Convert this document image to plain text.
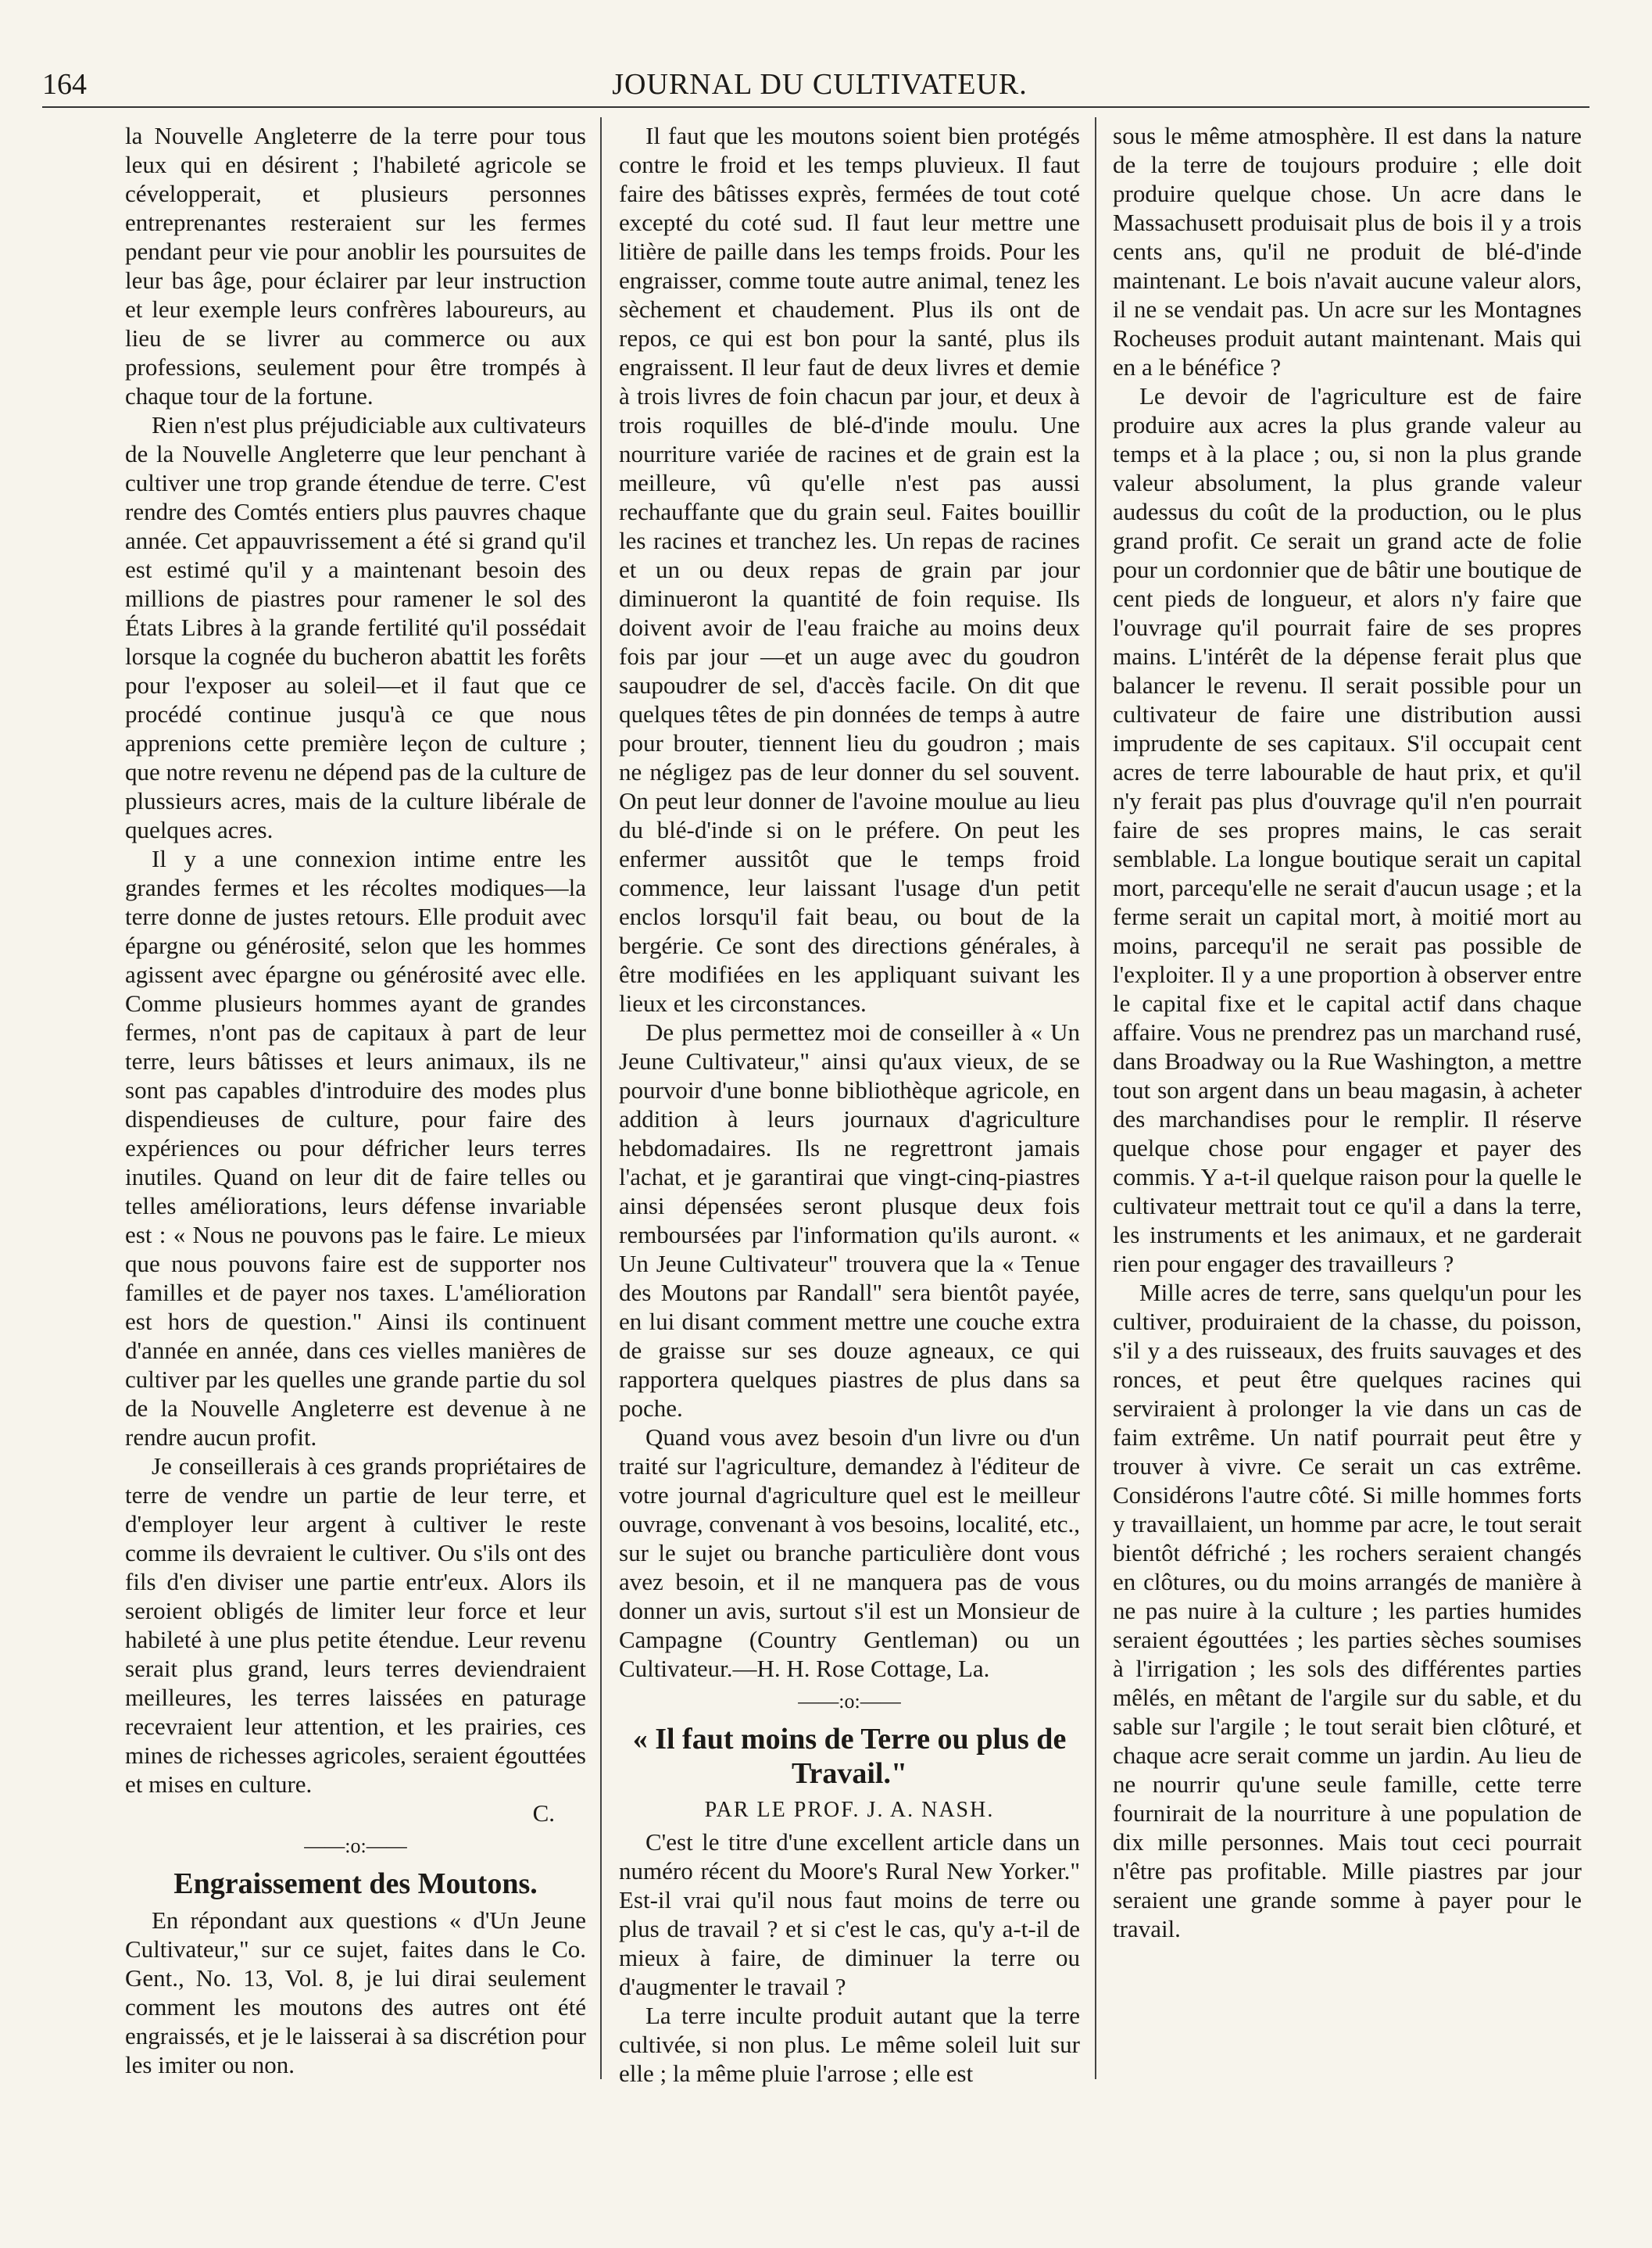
164	JOURNAL DU CULTIVATEUR.

la Nouvelle Angleterre de la terre pour tous leux qui en désirent ; l'habileté agricole se cévelopperait, et plusieurs personnes entreprenantes resteraient sur les fermes pendant peur vie pour anoblir les poursuites de leur bas âge, pour éclairer par leur instruction et leur exemple leurs confrères laboureurs, au lieu de se livrer au commerce ou aux professions, seulement pour être trompés à chaque tour de la fortune.

Rien n'est plus préjudiciable aux cultivateurs de la Nouvelle Angleterre que leur penchant à cultiver une trop grande étendue de terre. C'est rendre des Comtés entiers plus pauvres chaque année. Cet appauvrissement a été si grand qu'il est estimé qu'il y a maintenant besoin des millions de piastres pour ramener le sol des États Libres à la grande fertilité qu'il possédait lorsque la cognée du bucheron abattit les forêts pour l'exposer au soleil—et il faut que ce procédé continue jusqu'à ce que nous apprenions cette première leçon de culture ; que notre revenu ne dépend pas de la culture de plussieurs acres, mais de la culture libérale de quelques acres.

Il y a une connexion intime entre les grandes fermes et les récoltes modiques—la terre donne de justes retours. Elle produit avec épargne ou générosité, selon que les hommes agissent avec épargne ou générosité avec elle. Comme plusieurs hommes ayant de grandes fermes, n'ont pas de capitaux à part de leur terre, leurs bâtisses et leurs animaux, ils ne sont pas capables d'introduire des modes plus dispendieuses de culture, pour faire des expériences ou pour défricher leurs terres inutiles. Quand on leur dit de faire telles ou telles améliorations, leurs défense invariable est : « Nous ne pouvons pas le faire. Le mieux que nous pouvons faire est de supporter nos familles et de payer nos taxes. L'amélioration est hors de question." Ainsi ils continuent d'année en année, dans ces vielles manières de cultiver par les quelles une grande partie du sol de la Nouvelle Angleterre est devenue à ne rendre aucun profit.

Je conseillerais à ces grands propriétaires de terre de vendre un partie de leur terre, et d'employer leur argent à cultiver le reste comme ils devraient le cultiver. Ou s'ils ont des fils d'en diviser une partie entr'eux. Alors ils seroient obligés de limiter leur force et leur habileté à une plus petite étendue. Leur revenu serait plus grand, leurs terres deviendraient meilleures, les terres laissées en paturage recevraient leur attention, et les prairies, ces mines de richesses agricoles, seraient égouttées et mises en culture.

C.
——:o:——
Engraissement des Moutons.

En répondant aux questions « d'Un Jeune Cultivateur," sur ce sujet, faites dans le Co. Gent., No. 13, Vol. 8, je lui dirai seulement comment les moutons des autres ont été engraissés, et je le laisserai à sa discrétion pour les imiter ou non.

Il faut que les moutons soient bien protégés contre le froid et les temps pluvieux. Il faut faire des bâtisses exprès, fermées de tout coté excepté du coté sud. Il faut leur mettre une litière de paille dans les temps froids. Pour les engraisser, comme toute autre animal, tenez les sèchement et chaudement. Plus ils ont de repos, ce qui est bon pour la santé, plus ils engraissent. Il leur faut de deux livres et demie à trois livres de foin chacun par jour, et deux à trois roquilles de blé-d'inde moulu. Une nourriture variée de racines et de grain est la meilleure, vû qu'elle n'est pas aussi rechauffante que du grain seul. Faites bouillir les racines et tranchez les. Un repas de racines et un ou deux repas de grain par jour diminueront la quantité de foin requise. Ils doivent avoir de l'eau fraiche au moins deux fois par jour —et un auge avec du goudron saupoudrer de sel, d'accès facile. On dit que quelques têtes de pin données de temps à autre pour brouter, tiennent lieu du goudron ; mais ne négligez pas de leur donner du sel souvent. On peut leur donner de l'avoine moulue au lieu du blé-d'inde si on le préfere. On peut les enfermer aussitôt que le temps froid commence, leur laissant l'usage d'un petit enclos lorsqu'il fait beau, ou bout de la bergérie. Ce sont des directions générales, à être modifiées en les appliquant suivant les lieux et les circonstances.

De plus permettez moi de conseiller à « Un Jeune Cultivateur," ainsi qu'aux vieux, de se pourvoir d'une bonne bibliothèque agricole, en addition à leurs journaux d'agriculture hebdomadaires. Ils ne regrettront jamais l'achat, et je garantirai que vingt-cinq-piastres ainsi dépensées seront plusque deux fois remboursées par l'information qu'ils auront. « Un Jeune Cultivateur" trouvera que la « Tenue des Moutons par Randall" sera bientôt payée, en lui disant comment mettre une couche extra de graisse sur ses douze agneaux, ce qui rapportera quelques piastres de plus dans sa poche.

Quand vous avez besoin d'un livre ou d'un traité sur l'agriculture, demandez à l'éditeur de votre journal d'agriculture quel est le meilleur ouvrage, convenant à vos besoins, localité, etc., sur le sujet ou branche particulière dont vous avez besoin, et il ne manquera pas de vous donner un avis, surtout s'il est un Monsieur de Campagne (Country Gentleman) ou un Cultivateur.—H. H. Rose Cottage, La.

——:o:——
« Il faut moins de Terre ou plus de Travail."
PAR LE PROF. J. A. NASH.

C'est le titre d'une excellent article dans un numéro récent du Moore's Rural New Yorker." Est-il vrai qu'il nous faut moins de terre ou plus de travail ? et si c'est le cas, qu'y a-t-il de mieux à faire, de diminuer la terre ou d'augmenter le travail ?

La terre inculte produit autant que la terre cultivée, si non plus. Le même soleil luit sur elle ; la même pluie l'arrose ; elle est

sous le même atmosphère. Il est dans la nature de la terre de toujours produire ; elle doit produire quelque chose. Un acre dans le Massachusett produisait plus de bois il y a trois cents ans, qu'il ne produit de blé-d'inde maintenant. Le bois n'avait aucune valeur alors, il ne se vendait pas. Un acre sur les Montagnes Rocheuses produit autant maintenant. Mais qui en a le bénéfice ?

Le devoir de l'agriculture est de faire produire aux acres la plus grande valeur au temps et à la place ; ou, si non la plus grande valeur absolument, la plus grande valeur audessus du coût de la production, ou le plus grand profit. Ce serait un grand acte de folie pour un cordonnier que de bâtir une boutique de cent pieds de longueur, et alors n'y faire que l'ouvrage qu'il pourrait faire de ses propres mains. L'intérêt de la dépense ferait plus que balancer le revenu. Il serait possible pour un cultivateur de faire une distribution aussi imprudente de ses capitaux. S'il occupait cent acres de terre labourable de haut prix, et qu'il n'y ferait pas plus d'ouvrage qu'il n'en pourrait faire de ses propres mains, le cas serait semblable. La longue boutique serait un capital mort, parcequ'elle ne serait d'aucun usage ; et la ferme serait un capital mort, à moitié mort au moins, parcequ'il ne serait pas possible de l'exploiter. Il y a une proportion à observer entre le capital fixe et le capital actif dans chaque affaire. Vous ne prendrez pas un marchand rusé, dans Broadway ou la Rue Washington, a mettre tout son argent dans un beau magasin, à acheter des marchandises pour le remplir. Il réserve quelque chose pour engager et payer des commis. Y a-t-il quelque raison pour la quelle le cultivateur mettrait tout ce qu'il a dans la terre, les instruments et les animaux, et ne garderait rien pour engager des travailleurs ?

Mille acres de terre, sans quelqu'un pour les cultiver, produiraient de la chasse, du poisson, s'il y a des ruisseaux, des fruits sauvages et des ronces, et peut être quelques racines qui serviraient à prolonger la vie dans un cas de faim extrême. Un natif pourrait peut être y trouver à vivre. Ce serait un cas extrême. Considérons l'autre côté. Si mille hommes forts y travaillaient, un homme par acre, le tout serait bientôt défriché ; les rochers seraient changés en clôtures, ou du moins arrangés de manière à ne pas nuire à la culture ; les parties humides seraient égouttées ; les parties sèches soumises à l'irrigation ; les sols des différentes parties mêlés, en mêtant de l'argile sur du sable, et du sable sur l'argile ; le tout serait bien clôturé, et chaque acre serait comme un jardin. Au lieu de ne nourrir qu'une seule famille, cette terre fournirait de la nourriture à une population de dix mille personnes. Mais tout ceci pourrait n'être pas profitable. Mille piastres par jour seraient une grande somme à payer pour le travail.
